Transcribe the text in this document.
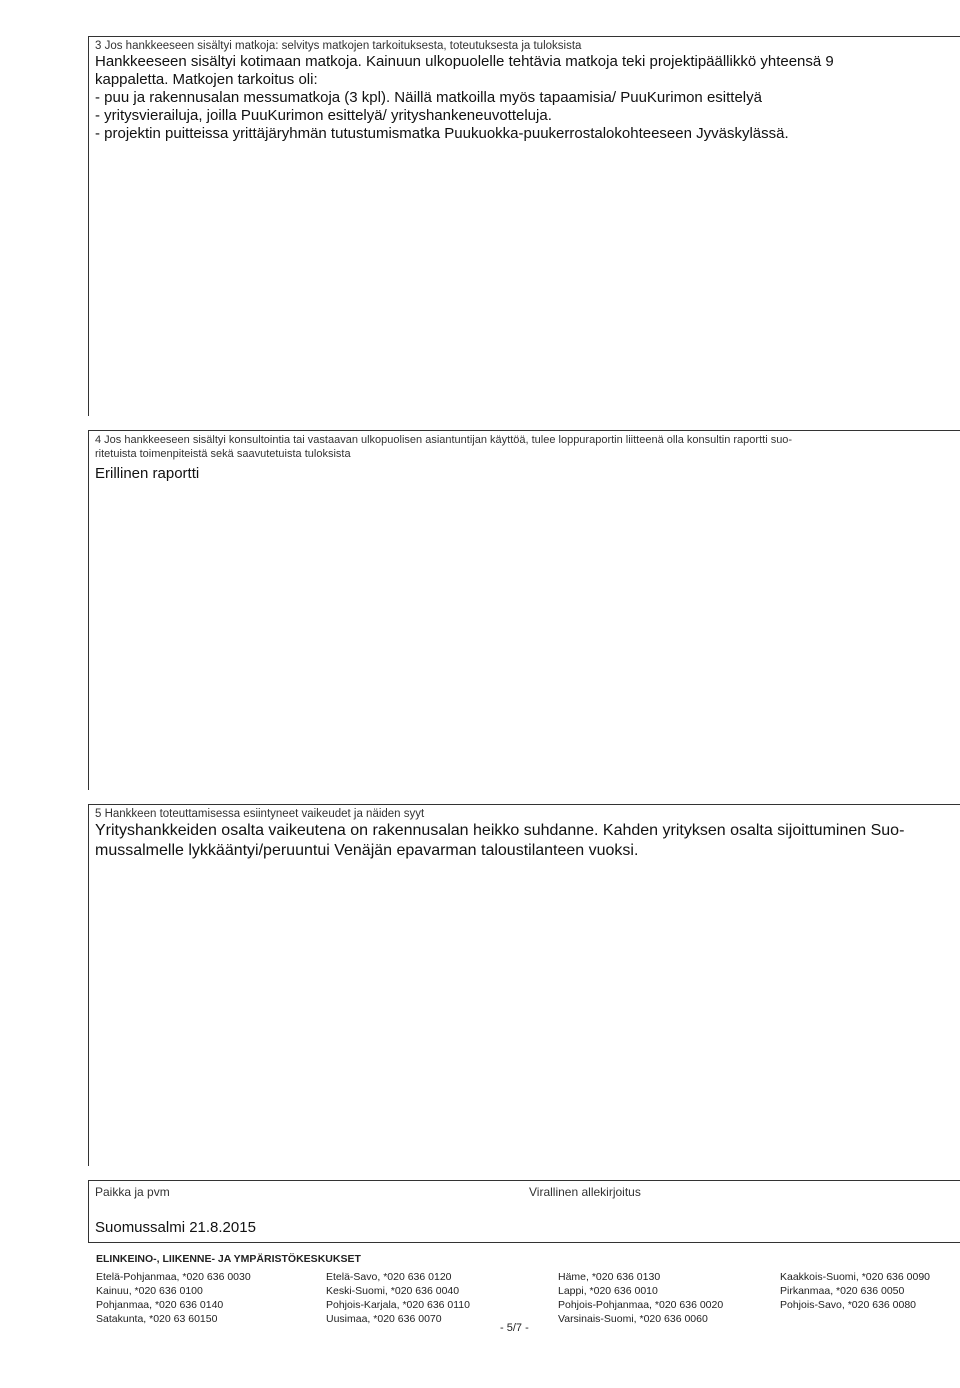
3 Jos hankkeeseen sisältyi matkoja: selvitys matkojen tarkoituksesta, toteutuksesta ja tuloksista

Hankkeeseen sisältyi kotimaan matkoja. Kainuun ulkopuolelle tehtävia matkoja teki projektipäällikkö yhteensä 9

kappaletta. Matkojen tarkoitus oli:

- puu ja rakennusalan messumatkoja (3 kpl). Näillä matkoilla myös tapaamisia/ PuuKurimon esittelyä

- yritysvierailuja, joilla PuuKurimon esittelyä/ yrityshankeneuvotteluja.

- projektin puitteissa yrittäjäryhmän tutustumismatka Puukuokka-puukerrostalokohteeseen Jyväskylässä.

4 Jos hankkeeseen sisältyi konsultointia tai vastaavan ulkopuolisen asiantuntijan käyttöä, tulee loppuraportin liitteenä olla konsultin raportti suo-
ritetuista toimenpiteistä sekä saavutetuista tuloksista

Erillinen raportti

5 Hankkeen toteuttamisessa esiintyneet vaikeudet ja näiden syyt

Yrityshankkeiden osalta vaikeutena on rakennusalan heikko suhdanne. Kahden yrityksen osalta sijoittuminen Suo-

mussalmelle lykkääntyi/peruuntui Venäjän epavarman taloustilanteen vuoksi.

Paikka ja pvm	Virallinen allekirjoitus
Suomussalmi 21.8.2015
ELINKEINO-, LIIKENNE- JA YMPÄRISTÖKESKUKSET
Etelä-Pohjanmaa, *020 636 0030
Kainuu, *020 636 0100
Pohjanmaa, *020 636 0140
Satakunta, *020 63 60150
Etelä-Savo, *020 636 0120
Keski-Suomi, *020 636 0040
Pohjois-Karjala, *020 636 0110
Uusimaa, *020 636 0070
Häme, *020 636 0130
Lappi, *020 636 0010
Pohjois-Pohjanmaa, *020 636 0020
Varsinais-Suomi, *020 636 0060
Kaakkois-Suomi, *020 636 0090
Pirkanmaa, *020 636 0050
Pohjois-Savo, *020 636 0080
- 5/7 -
